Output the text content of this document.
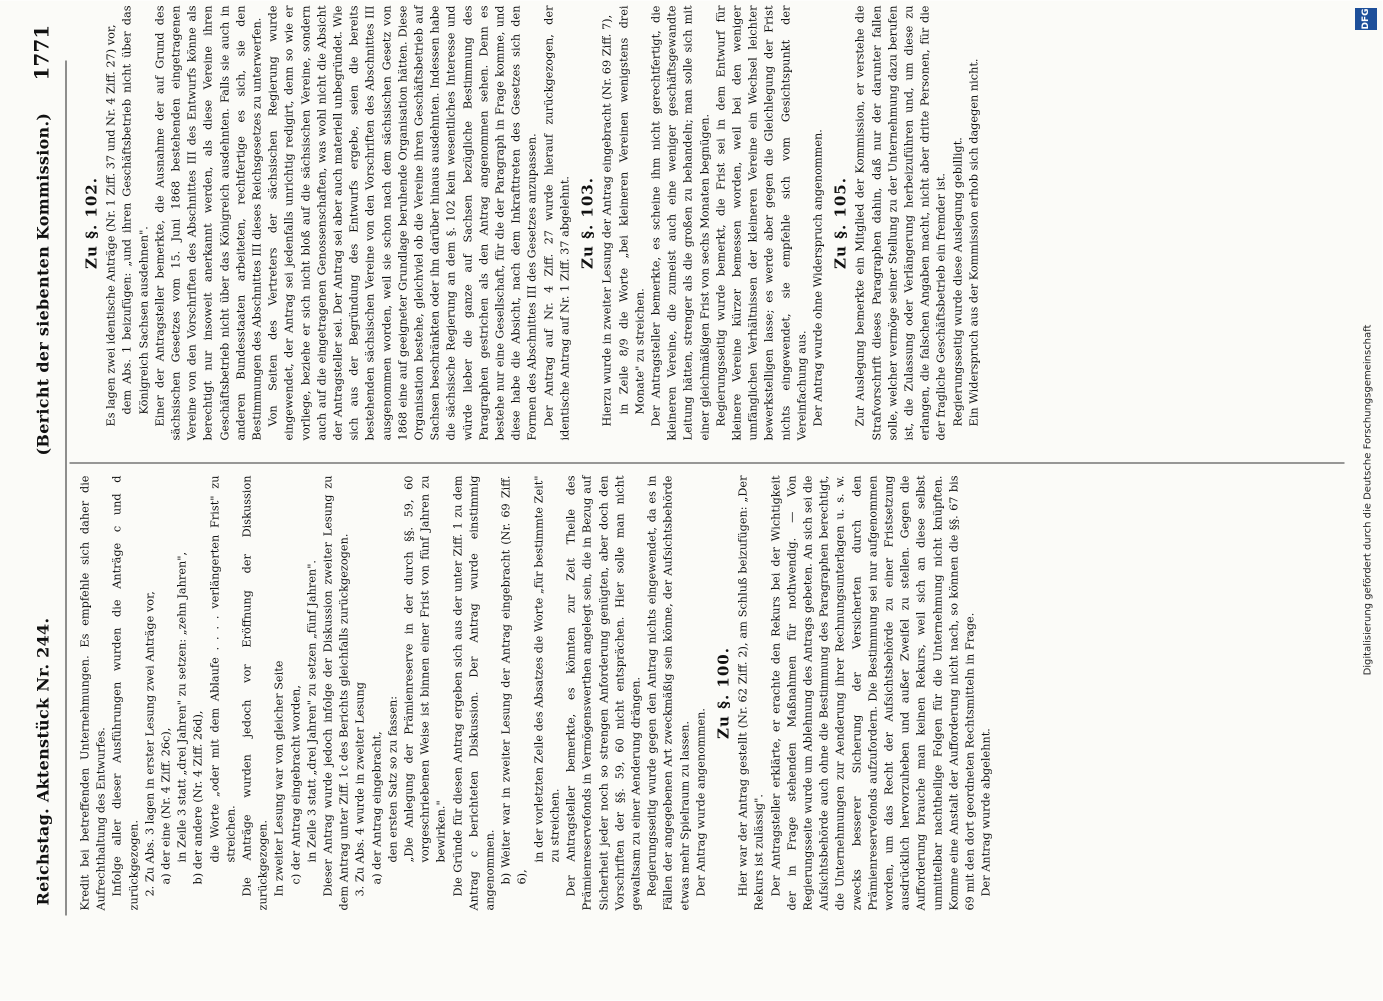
Reichstag. Aktenstück Nr. 244.
(Bericht der siebenten Kommission.)
1771

Kredit bei betreffenden Unternehmungen. Es empfehle sich daher die Aufrechthaltung des Entwurfes. Infolge aller dieser Ausführungen wurden die Anträge c und d zurückgezogen. 2. Zu Abs. 3 lagen in erster Lesung zwei Anträge vor, a) der eine (Nr. 4 Ziff. 26c), in Zeile 3 statt „drei Jahren" zu setzen: „zehn Jahren", b) der andere (Nr. 4 Ziff. 26d), die Worte „oder mit dem Ablaufe . . . . verlängerten Frist" zu streichen. Die Anträge wurden jedoch vor Eröffnung der Diskussion zurückgezogen. In zweiter Lesung war von gleicher Seite c) der Antrag eingebracht worden, in Zeile 3 statt „drei Jahren" zu setzen „fünf Jahren". Dieser Antrag wurde jedoch infolge der Diskussion zweiter Lesung zu dem Antrag unter Ziff. 1c des Berichts gleichfalls zurückgezogen. 3. Zu Abs. 4 wurde in zweiter Lesung a) der Antrag eingebracht, den ersten Satz so zu fassen: „Die Anlegung der Prämienreserve in der durch §§. 59, 60 vorgeschriebenen Weise ist binnen einer Frist von fünf Jahren zu bewirken." Die Gründe für diesen Antrag ergeben sich aus der unter Ziff. 1 zu dem Antrag c berichteten Diskussion. Der Antrag wurde einstimmig angenommen. b) Weiter war in zweiter Lesung der Antrag eingebracht (Nr. 69 Ziff. 6),

in der vorletzten Zeile des Absatzes die Worte „für bestimmte Zeit" zu streichen. Der Antragsteller bemerkte, es könnten zur Zeit Theile des Prämienreservefonds in Vermögenswerthen angelegt sein, die in Bezug auf Sicherheit jeder noch so strengen Anforderung genügten, aber doch den Vorschriften der §§. 59, 60 nicht entsprächen. Hier solle man nicht gewaltsam zu einer Aenderung drängen. Regierungsseitig wurde gegen den Antrag nichts eingewendet, da es in Fällen der angegebenen Art zweckmäßig sein könne, der Aufsichtsbehörde etwas mehr Spielraum zu lassen. Der Antrag wurde angenommen.

Zu §. 100. Hier war der Antrag gestellt (Nr. 62 Ziff. 2), am Schluß beizufügen: „Der Rekurs ist zulässig". Der Antragsteller erklärte, er erachte den Rekurs bei der Wichtigkeit der in Frage stehenden Maßnahmen für nothwendig. — Von Regierungsseite wurde um Ablehnung des Antrags gebeten. An sich sei die Aufsichtsbehörde auch ohne die Bestimmung des Paragraphen berechtigt, die Unternehmungen zur Aenderung ihrer Rechnungsunterlagen u. s. w. zwecks besserer Sicherung der Versicherten durch den Prämienreservefonds aufzufordern. Die Bestimmung sei nur aufgenommen worden, um das Recht der Aufsichtsbehörde zu einer Fristsetzung ausdrücklich hervorzuheben und außer Zweifel zu stellen. Gegen die Aufforderung brauche man keinen Rekurs, weil sich an diese selbst unmittelbar nachtheilige Folgen für die Unternehmung nicht knüpften. Komme eine Anstalt der Aufforderung nicht nach, so können die §§. 67 bis 69 mit den dort geordneten Rechtsmitteln in Frage. Der Antrag wurde abgelehnt.

Zu §. 102. Es lagen zwei identische Anträge (Nr. 1 Ziff. 37 und Nr. 4 Ziff. 27) vor, dem Abs. 1 beizufügen: „und ihren Geschäftsbetrieb nicht über das Königreich Sachsen ausdehnen". Einer der Antragsteller bemerkte, die Ausnahme der auf Grund des sächsischen Gesetzes vom 15. Juni 1868 bestehenden eingetragenen Vereine von den Vorschriften des Abschnittes III des Entwurfs könne als berechtigt nur insoweit anerkannt werden, als diese Vereine ihren Geschäftsbetrieb nicht über das Königreich ausdehnten. Falls sie auch in anderen Bundesstaaten arbeiteten, rechtfertige es sich, sie den Bestimmungen des Abschnittes III dieses Reichsgesetzes zu unterwerfen. Von Seiten des Vertreters der sächsischen Regierung wurde eingewendet, der Antrag sei jedenfalls unrichtig redigirt, denn so wie er vorliege, beziehe er sich nicht bloß auf die sächsischen Vereine, sondern auch auf die eingetragenen Genossenschaften, was wohl nicht die Absicht der Antragsteller sei. Der Antrag sei aber auch materiell unbegründet. Wie sich aus der Begründung des Entwurfs ergebe, seien die bereits bestehenden sächsischen Vereine von den Vorschriften des Abschnittes III ausgenommen worden, weil sie schon nach dem sächsischen Gesetz von 1868 eine auf geeigneter Grundlage beruhende Organisation hätten. Diese Organisation bestehe, gleichviel ob die Vereine ihren Geschäftsbetrieb auf Sachsen beschränkten oder ihn darüber hinaus ausdehnten. Indessen habe die sächsische Regierung an dem §. 102 kein wesentliches Interesse und würde lieber die ganze auf Sachsen bezügliche Bestimmung des Paragraphen gestrichen als den Antrag angenommen sehen. Denn es bestehe nur eine Gesellschaft, für die der Paragraph in Frage komme, und diese habe die Absicht, nach dem Inkrafttreten des Gesetzes sich den Formen des Abschnittes III des Gesetzes anzupassen. Der Antrag auf Nr. 4 Ziff. 27 wurde hierauf zurückgezogen, der identische Antrag auf Nr. 1 Ziff. 37 abgelehnt. Zu §. 103. Hierzu wurde in zweiter Lesung der Antrag eingebracht (Nr. 69 Ziff. 7), in Zeile 8/9 die Worte „bei kleineren Vereinen wenigstens drei Monate" zu streichen. Der Antragsteller bemerkte, es scheine ihm nicht gerechtfertigt, die kleineren Vereine, die zumeist auch eine weniger geschäftsgewandte Leitung hätten, strenger als die großen zu behandeln; man solle sich mit einer gleichmäßigen Frist von sechs Monaten begnügen. Regierungsseitig wurde bemerkt, die Frist sei in dem Entwurf für kleinere Vereine kürzer bemessen worden, weil bei den weniger umfänglichen Verhältnissen der kleineren Vereine ein Wechsel leichter bewerkstelligen lasse; es werde aber gegen die Gleichlegung der Frist nichts eingewendet, sie empfehle sich vom Gesichtspunkt der Vereinfachung aus. Der Antrag wurde ohne Widerspruch angenommen. Zu §. 105. Zur Auslegung bemerkte ein Mitglied der Kommission, er verstehe die Strafvorschrift dieses Paragraphen dahin, daß nur der darunter fallen solle, welcher vermöge seiner Stellung zu der Unternehmung dazu berufen ist, die Zulassung oder Verlängerung herbeizuführen und, um diese zu erlangen, die falschen Angaben macht, nicht aber dritte Personen, für die der fragliche Geschäftsbetrieb ein fremder ist. Regierungsseitig wurde diese Auslegung gebilligt. Ein Widerspruch aus der Kommission erhob sich dagegen nicht.

DFG
Digitalisierung gefördert durch die Deutsche Forschungsgemeinschaft
